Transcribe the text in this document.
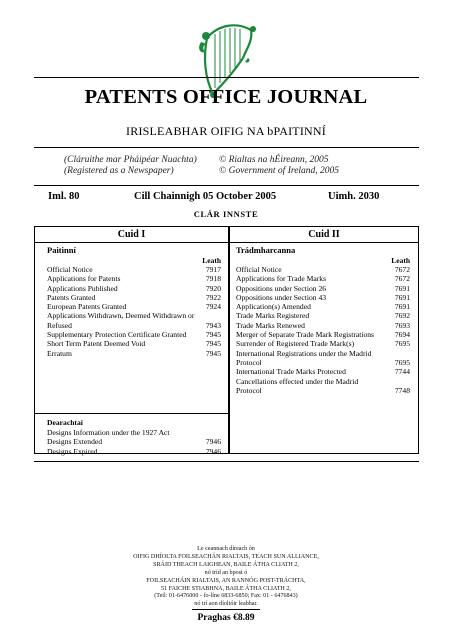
PATENTS OFFICE JOURNAL
IRISLEABHAR OIFIG NA bPAITINNÍ
(Cláruithe mar Pháipéar Nuachta)
(Registered as a Newspaper)
© Rialtas na hÉireann, 2005
© Government of Ireland, 2005
Iml. 80	Cill Chainnigh 05 October 2005	Uimh. 2030
CLÁR INNSTE
Cuid I
Paitinní
Leath
Official Notice	7917
Applications for Patents	7918
Applications Published	7920
Patents Granted	7922
European Patents Granted	7924
Applications Withdrawn, Deemed Withdrawn or
Refused	7943
Supplementary Protection Certificate Granted	7945
Short Term Patent Deemed Void	7945
Erratum	7945
Dearachtaí
Designs Information under the 1927 Act
Designs Extended	7946
Designs Expired	7946
Cuid II
Trádmharcanna
Leath
Official Notice	7672
Applications for Trade Marks	7672
Oppositions under Section 26	7691
Oppositions under Section 43	7691
Application(s) Amended	7691
Trade Marks Registered	7692
Trade Marks Renewed	7693
Merger of Separate Trade Mark Registrations	7694
Surrender of Registered Trade Mark(s)	7695
International Registrations under the Madrid
Protocol	7695
International Trade Marks Protected	7744
Cancellations effected under the Madrid
Protocol	7748
Le ceannach díreach ón
OIFIG DHÍOLTA FOILSEACHÁN RIALTAIS, TEACH SUN ALLIANCE,
SRÁID THEACH LAIGHEAN, BAILE ÁTHA CLIATH 2,
nó tríd an bpost ó
FOILSEACHÁIN RIALTAIS, AN RANNÓG POST-TRÁCHTA,
51 FAICHE STIABHNA, BAILE ÁTHA CLIATH 2,
(Teil: 01-6476000 - fo-líne 6833-6850; Fax: 01 - 6476843)
nó trí aon díoltóir leabhar.
Praghas €8.89
